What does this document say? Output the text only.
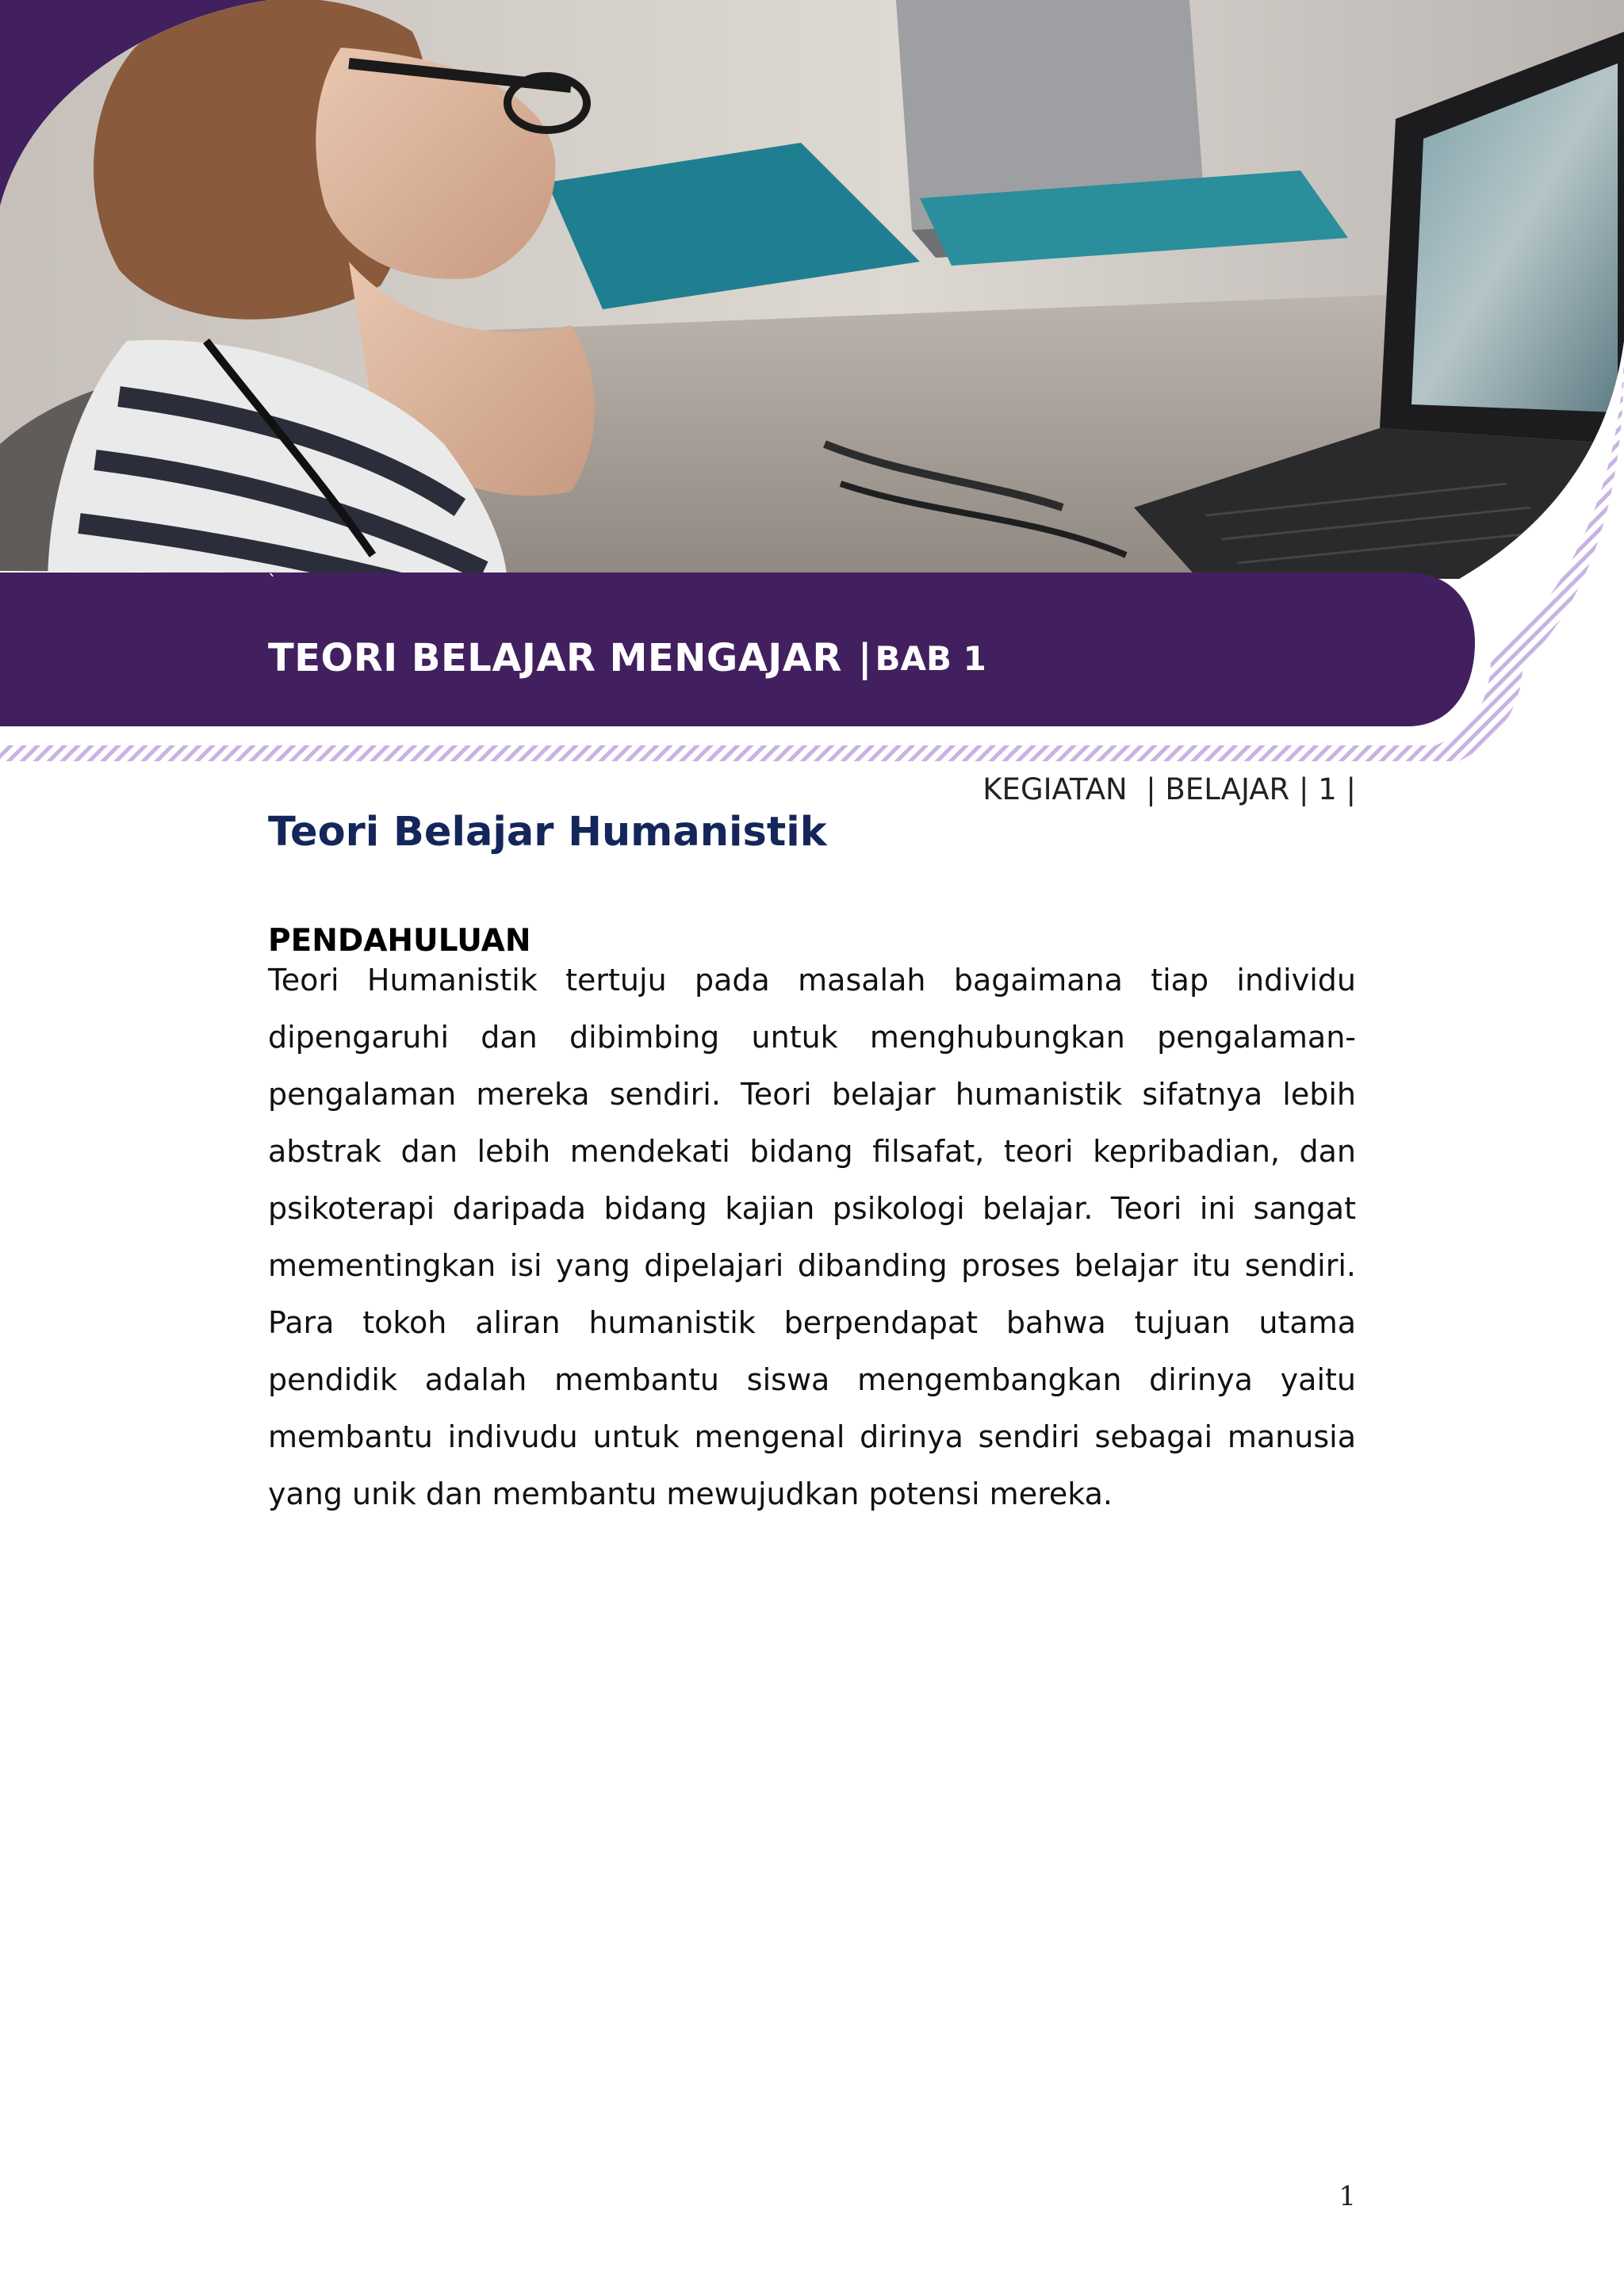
`
TEORI BELAJAR MENGAJAR | BAB 1
KEGIATAN  | BELAJAR | 1 |
Teori Belajar Humanistik
PENDAHULUAN

Teori Humanistik tertuju pada masalah bagaimana tiap individu dipengaruhi dan dibimbing untuk menghubungkan pengalaman-pengalaman mereka sendiri. Teori belajar humanistik sifatnya lebih abstrak dan lebih mendekati bidang filsafat, teori kepribadian, dan psikoterapi daripada bidang kajian psikologi belajar. Teori ini sangat mementingkan isi yang dipelajari dibanding proses belajar itu sendiri. Para tokoh aliran humanistik berpendapat bahwa tujuan utama pendidik adalah membantu siswa mengembangkan dirinya yaitu membantu indivudu untuk mengenal dirinya sendiri sebagai manusia yang unik dan membantu mewujudkan potensi mereka.

1
